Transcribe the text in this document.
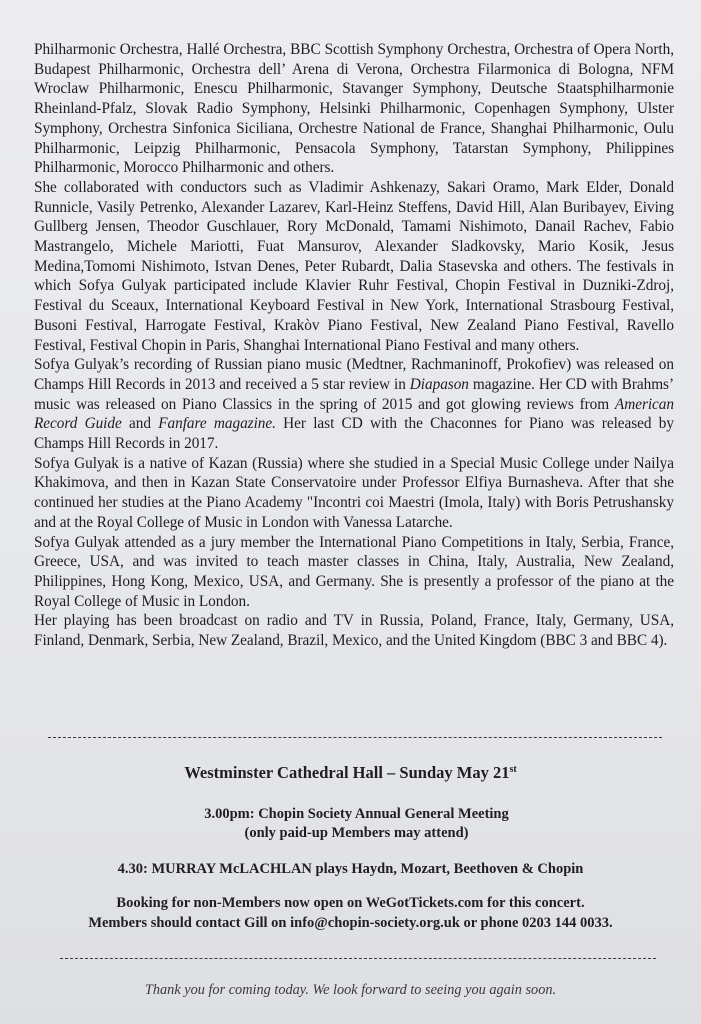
Philharmonic Orchestra, Hallé Orchestra, BBC Scottish Symphony Orchestra, Orchestra of Opera North, Budapest Philharmonic, Orchestra dell’ Arena di Verona, Orchestra Filarmonica di Bologna, NFM Wroclaw Philharmonic, Enescu Philharmonic, Stavanger Symphony, Deutsche Staatsphilharmonie Rheinland-Pfalz, Slovak Radio Symphony, Helsinki Philharmonic, Copenhagen Symphony, Ulster Symphony, Orchestra Sinfonica Siciliana, Orchestre National de France, Shanghai Philharmonic, Oulu Philharmonic, Leipzig Philharmonic, Pensacola Symphony, Tatarstan Symphony, Philippines Philharmonic, Morocco Philharmonic and others.

She collaborated with conductors such as Vladimir Ashkenazy, Sakari Oramo, Mark Elder, Donald Runnicle, Vasily Petrenko, Alexander Lazarev, Karl-Heinz Steffens, David Hill, Alan Buribayev, Eiving Gullberg Jensen, Theodor Guschlauer, Rory McDonald, Tamami Nishimoto, Danail Rachev, Fabio Mastrangelo, Michele Mariotti, Fuat Mansurov, Alexander Sladkovsky, Mario Kosik, Jesus Medina,Tomomi Nishimoto, Istvan Denes, Peter Rubardt, Dalia Stasevska and others. The festivals in which Sofya Gulyak participated include Klavier Ruhr Festival, Chopin Festival in Duzniki-Zdroj, Festival du Sceaux, International Keyboard Festival in New York, International Strasbourg Festival, Busoni Festival, Harrogate Festival, Krakòv Piano Festival, New Zealand Piano Festival, Ravello Festival, Festival Chopin in Paris, Shanghai International Piano Festival and many others.

Sofya Gulyak’s recording of Russian piano music (Medtner, Rachmaninoff, Prokofiev) was released on Champs Hill Records in 2013 and received a 5 star review in Diapason magazine. Her CD with Brahms’ music was released on Piano Classics in the spring of 2015 and got glowing reviews from American Record Guide and Fanfare magazine. Her last CD with the Chaconnes for Piano was released by Champs Hill Records in 2017.

Sofya Gulyak is a native of Kazan (Russia) where she studied in a Special Music College under Nailya Khakimova, and then in Kazan State Conservatoire under Professor Elfiya Burnasheva. After that she continued her studies at the Piano Academy "Incontri coi Maestri (Imola, Italy) with Boris Petrushansky and at the Royal College of Music in London with Vanessa Latarche.

Sofya Gulyak attended as a jury member the International Piano Competitions in Italy, Serbia, France, Greece, USA, and was invited to teach master classes in China, Italy, Australia, New Zealand, Philippines, Hong Kong, Mexico, USA, and Germany. She is presently a professor of the piano at the Royal College of Music in London.

Her playing has been broadcast on radio and TV in Russia, Poland, France, Italy, Germany, USA, Finland, Denmark, Serbia, New Zealand, Brazil, Mexico, and the United Kingdom (BBC 3 and BBC 4).

Westminster Cathedral Hall – Sunday May 21st
3.00pm: Chopin Society Annual General Meeting
(only paid-up Members may attend)
4.30: MURRAY McLACHLAN plays Haydn, Mozart, Beethoven & Chopin
Booking for non-Members now open on WeGotTickets.com for this concert.
Members should contact Gill on info@chopin-society.org.uk or phone 0203 144 0033.
Thank you for coming today. We look forward to seeing you again soon.
